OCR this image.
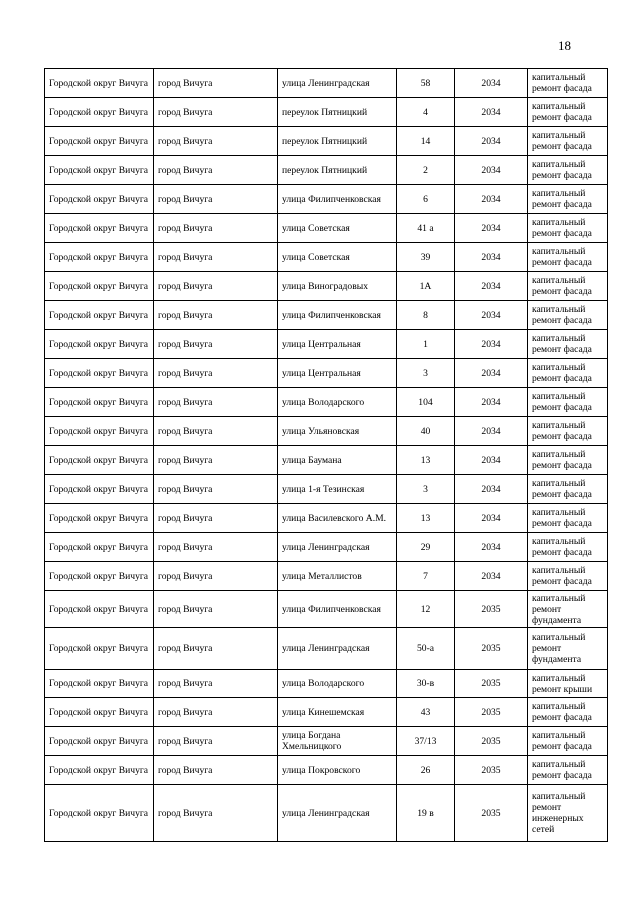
18
Городской округ Вичуга	город Вичуга	улица Ленинградская	58	2034	капитальный ремонт фасада
Городской округ Вичуга	город Вичуга	переулок Пятницкий	4	2034	капитальный ремонт фасада
Городской округ Вичуга	город Вичуга	переулок Пятницкий	14	2034	капитальный ремонт фасада
Городской округ Вичуга	город Вичуга	переулок Пятницкий	2	2034	капитальный ремонт фасада
Городской округ Вичуга	город Вичуга	улица Филипченковская	6	2034	капитальный ремонт фасада
Городской округ Вичуга	город Вичуга	улица Советская	41 а	2034	капитальный ремонт фасада
Городской округ Вичуга	город Вичуга	улица Советская	39	2034	капитальный ремонт фасада
Городской округ Вичуга	город Вичуга	улица Виноградовых	1А	2034	капитальный ремонт фасада
Городской округ Вичуга	город Вичуга	улица Филипченковская	8	2034	капитальный ремонт фасада
Городской округ Вичуга	город Вичуга	улица Центральная	1	2034	капитальный ремонт фасада
Городской округ Вичуга	город Вичуга	улица Центральная	3	2034	капитальный ремонт фасада
Городской округ Вичуга	город Вичуга	улица Володарского	104	2034	капитальный ремонт фасада
Городской округ Вичуга	город Вичуга	улица Ульяновская	40	2034	капитальный ремонт фасада
Городской округ Вичуга	город Вичуга	улица Баумана	13	2034	капитальный ремонт фасада
Городской округ Вичуга	город Вичуга	улица 1-я Тезинская	3	2034	капитальный ремонт фасада
Городской округ Вичуга	город Вичуга	улица Василевского А.М.	13	2034	капитальный ремонт фасада
Городской округ Вичуга	город Вичуга	улица Ленинградская	29	2034	капитальный ремонт фасада
Городской округ Вичуга	город Вичуга	улица Металлистов	7	2034	капитальный ремонт фасада
Городской округ Вичуга	город Вичуга	улица Филипченковская	12	2035	капитальный ремонт фундамента
Городской округ Вичуга	город Вичуга	улица Ленинградская	50-а	2035	капитальный ремонт фундамента
Городской округ Вичуга	город Вичуга	улица Володарского	30-в	2035	капитальный ремонт крыши
Городской округ Вичуга	город Вичуга	улица Кинешемская	43	2035	капитальный ремонт фасада
Городской округ Вичуга	город Вичуга	улица Богдана Хмельницкого	37/13	2035	капитальный ремонт фасада
Городской округ Вичуга	город Вичуга	улица Покровского	26	2035	капитальный ремонт фасада
Городской округ Вичуга	город Вичуга	улица Ленинградская	19 в	2035	капитальный ремонт инженерных сетей
